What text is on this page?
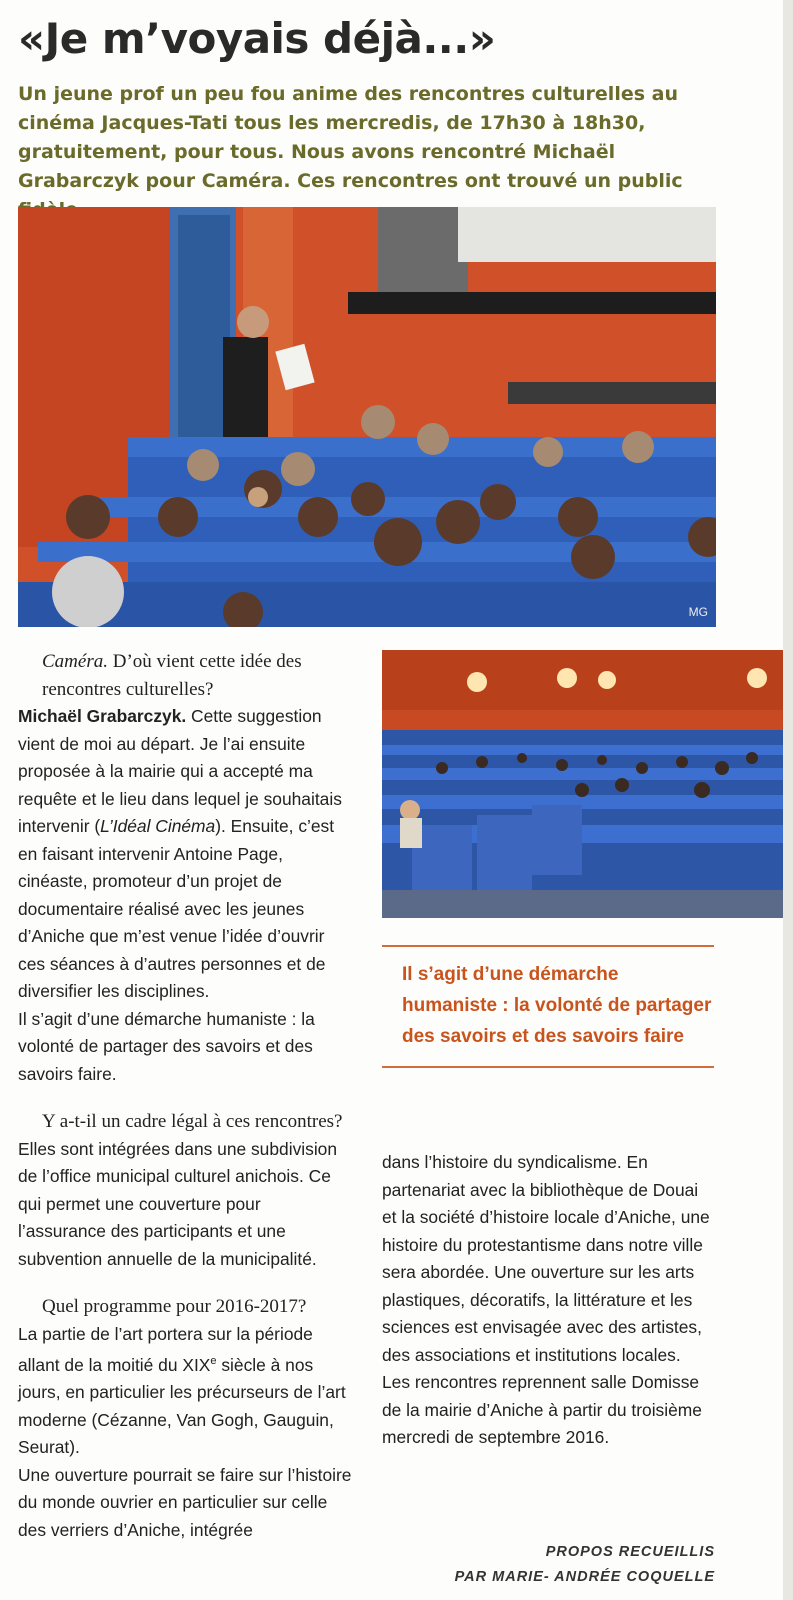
«Je m’voyais déjà...»
Un jeune prof un peu fou anime des rencontres culturelles au cinéma Jacques-Tati tous les mercredis, de 17h30 à 18h30, gratuitement, pour tous. Nous avons rencontré Michaël Grabarczyk pour Caméra. Ces rencontres ont trouvé un public
MG

Caméra. D’où vient cette idée des rencontres culturelles?

Michaël Grabarczyk. Cette suggestion vient de moi au départ. Je l’ai ensuite proposée à la mairie qui a accepté ma requête et le lieu dans lequel je souhaitais intervenir (L’Idéal Cinéma). Ensuite, c’est en faisant intervenir Antoine Page, cinéaste, promoteur d’un projet de documentaire réalisé avec les jeunes d’Aniche que m’est venue l’idée d’ouvrir ces séances à d’autres personnes et de diversifier les disciplines.

Il s’agit d’une démarche humaniste : la volonté de partager des savoirs et des savoirs faire.

Y a-t-il un cadre légal à ces rencontres?

Elles sont intégrées dans une subdivision de l’office municipal culturel anichois. Ce qui permet une couverture pour l’assurance des participants et une subvention annuelle de la municipalité.

Quel programme pour 2016-2017?

La partie de l’art portera sur la période allant de la moitié du XIXe siècle à nos jours, en particulier les précurseurs de l’art moderne (Cézanne, Van Gogh, Gauguin, Seurat).

Une ouverture pourrait se faire sur l’histoire du monde ouvrier en particulier sur celle des verriers d’Aniche, intégrée

Il s’agit d’une démarche humaniste : la volonté de partager des savoirs et des savoirs faire

dans l’histoire du syndicalisme. En partenariat avec la bibliothèque de Douai et la société d’histoire locale d’Aniche, une histoire du protestantisme dans notre ville sera abordée. Une ouverture sur les arts plastiques, décoratifs, la littérature et les sciences est envisagée avec des artistes, des associations et institutions locales.

Les rencontres reprennent salle Domisse de la mairie d’Aniche à partir du troisième mercredi de septembre 2016.

PROPOS RECUEILLIS
PAR MARIE- ANDRÉE COQUELLE
